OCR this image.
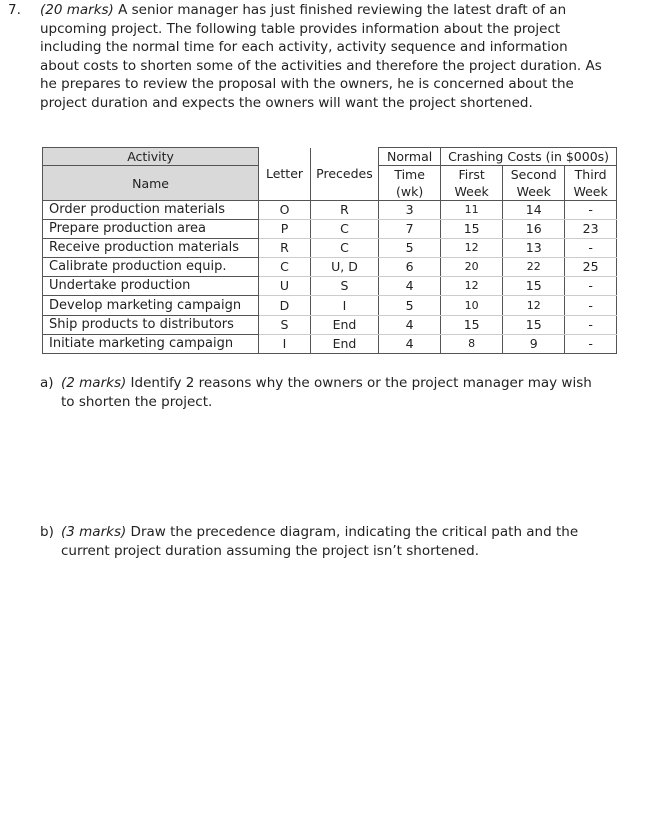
7. (20 marks) A senior manager has just finished reviewing the latest draft of an upcoming project. The following table provides information about the project including the normal time for each activity, activity sequence and information about costs to shorten some of the activities and therefore the project duration. As he prepares to review the proposal with the owners, he is concerned about the project duration and expects the owners will want the project shortened.
Activity	Letter	Precedes	Normal	Crashing Costs (in $000s)		
Name			Time	First	Second	Third
			(wk)	Week	Week	Week
Order production materials	O	R	3	11	14	-
Prepare production area	P	C	7	15	16	23
Receive production materials	R	C	5	12	13	-
Calibrate production equip.	C	U, D	6	20	22	25
Undertake production	U	S	4	12	15	-
Develop marketing campaign	D	I	5	10	12	-
Ship products to distributors	S	End	4	15	15	-
Initiate marketing campaign	I	End	4	8	9	-
a) (2 marks) Identify 2 reasons why the owners or the project manager may wish to shorten the project.
b) (3 marks) Draw the precedence diagram, indicating the critical path and the current project duration assuming the project isn’t shortened.
